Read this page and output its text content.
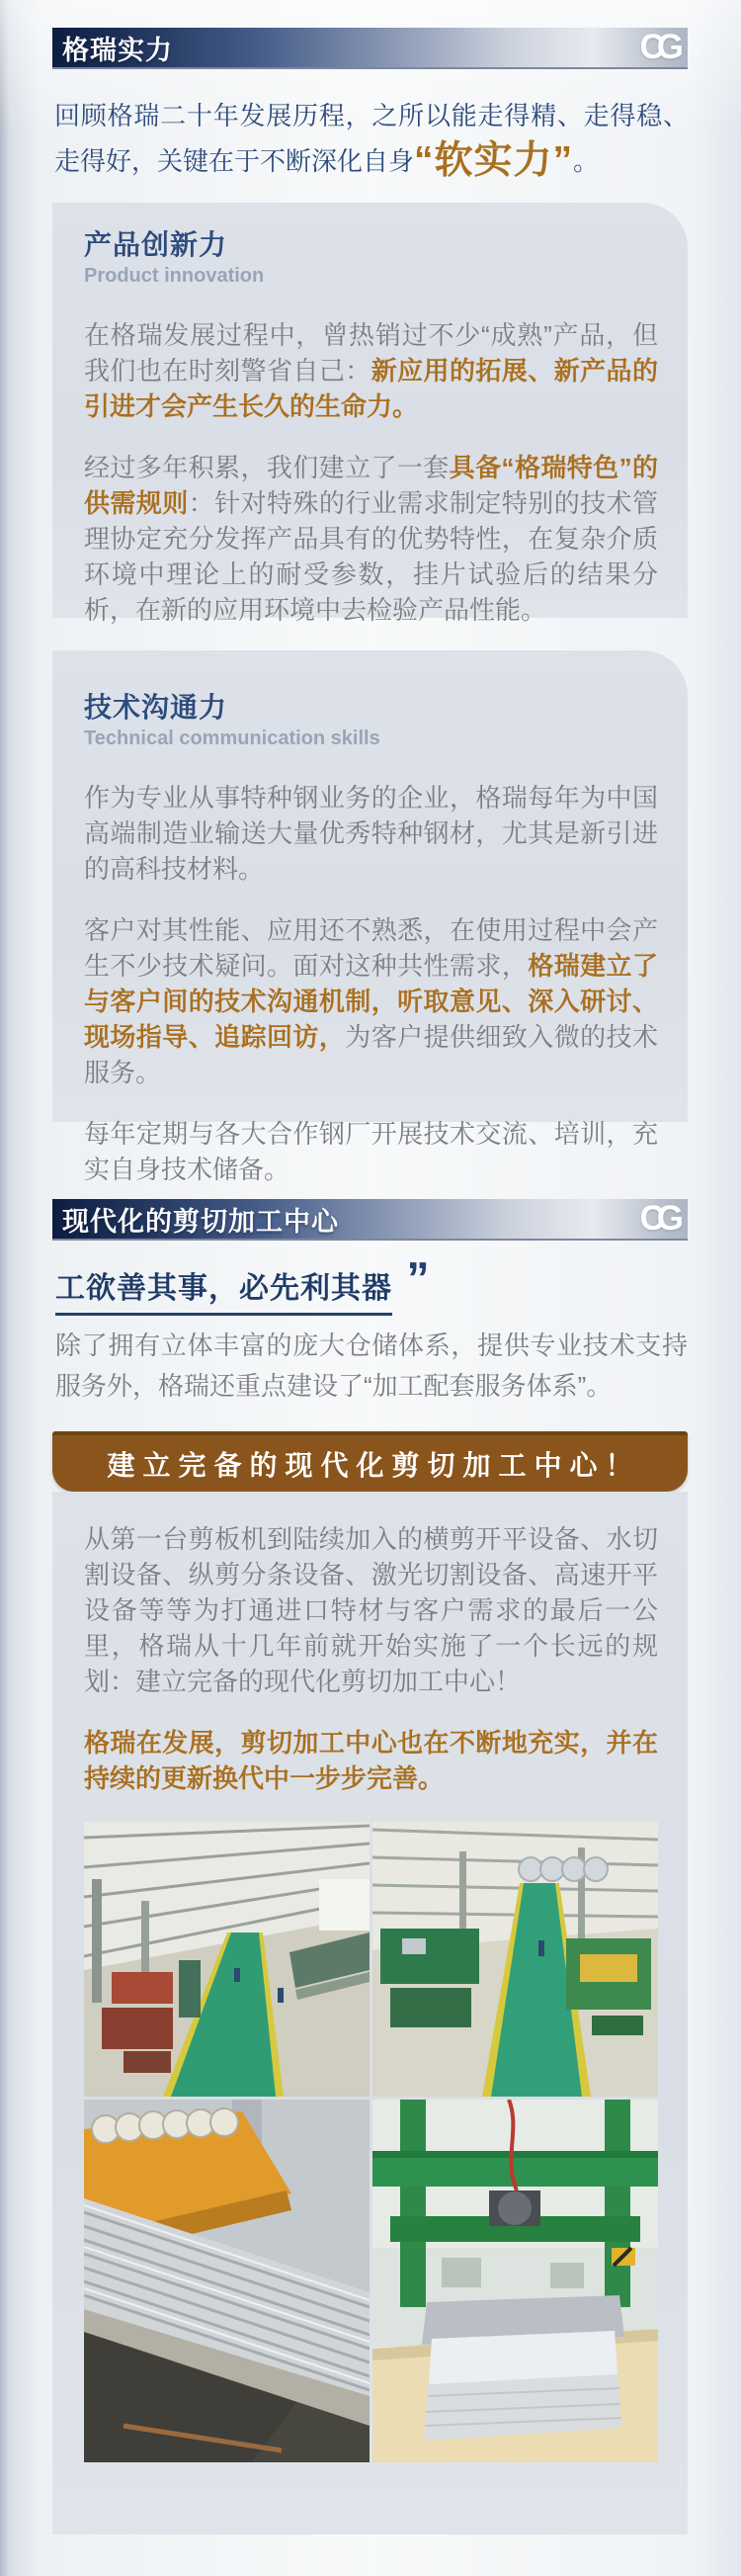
格瑞实力	CG
回顾格瑞二十年发展历程，之所以能走得精、走得稳、走得好，关键在于不断深化自身“软实力”。
产品创新力

Product innovation

在格瑞发展过程中，曾热销过不少“成熟”产品，但我们也在时刻警省自己：新应用的拓展、新产品的引进才会产生长久的生命力。

经过多年积累，我们建立了一套具备“格瑞特色”的供需规则：针对特殊的行业需求制定特别的技术管理协定充分发挥产品具有的优势特性，在复杂介质环境中理论上的耐受参数，挂片试验后的结果分析，在新的应用环境中去检验产品性能。

技术沟通力

Technical communication skills

作为专业从事特种钢业务的企业，格瑞每年为中国高端制造业输送大量优秀特种钢材，尤其是新引进的高科技材料。

客户对其性能、应用还不熟悉，在使用过程中会产生不少技术疑问。面对这种共性需求，格瑞建立了与客户间的技术沟通机制，听取意见、深入研讨、现场指导、追踪回访，为客户提供细致入微的技术服务。

每年定期与各大合作钢厂开展技术交流、培训，充实自身技术储备。

现代化的剪切加工中心	CG
工欲善其事，必先利其器 ”
除了拥有立体丰富的庞大仓储体系，提供专业技术支持服务外，格瑞还重点建设了“加工配套服务体系”。
建立完备的现代化剪切加工中心！

从第一台剪板机到陆续加入的横剪开平设备、水切割设备、纵剪分条设备、激光切割设备、高速开平设备等等为打通进口特材与客户需求的最后一公里，格瑞从十几年前就开始实施了一个长远的规划：建立完备的现代化剪切加工中心！

格瑞在发展，剪切加工中心也在不断地充实，并在持续的更新换代中一步步完善。
